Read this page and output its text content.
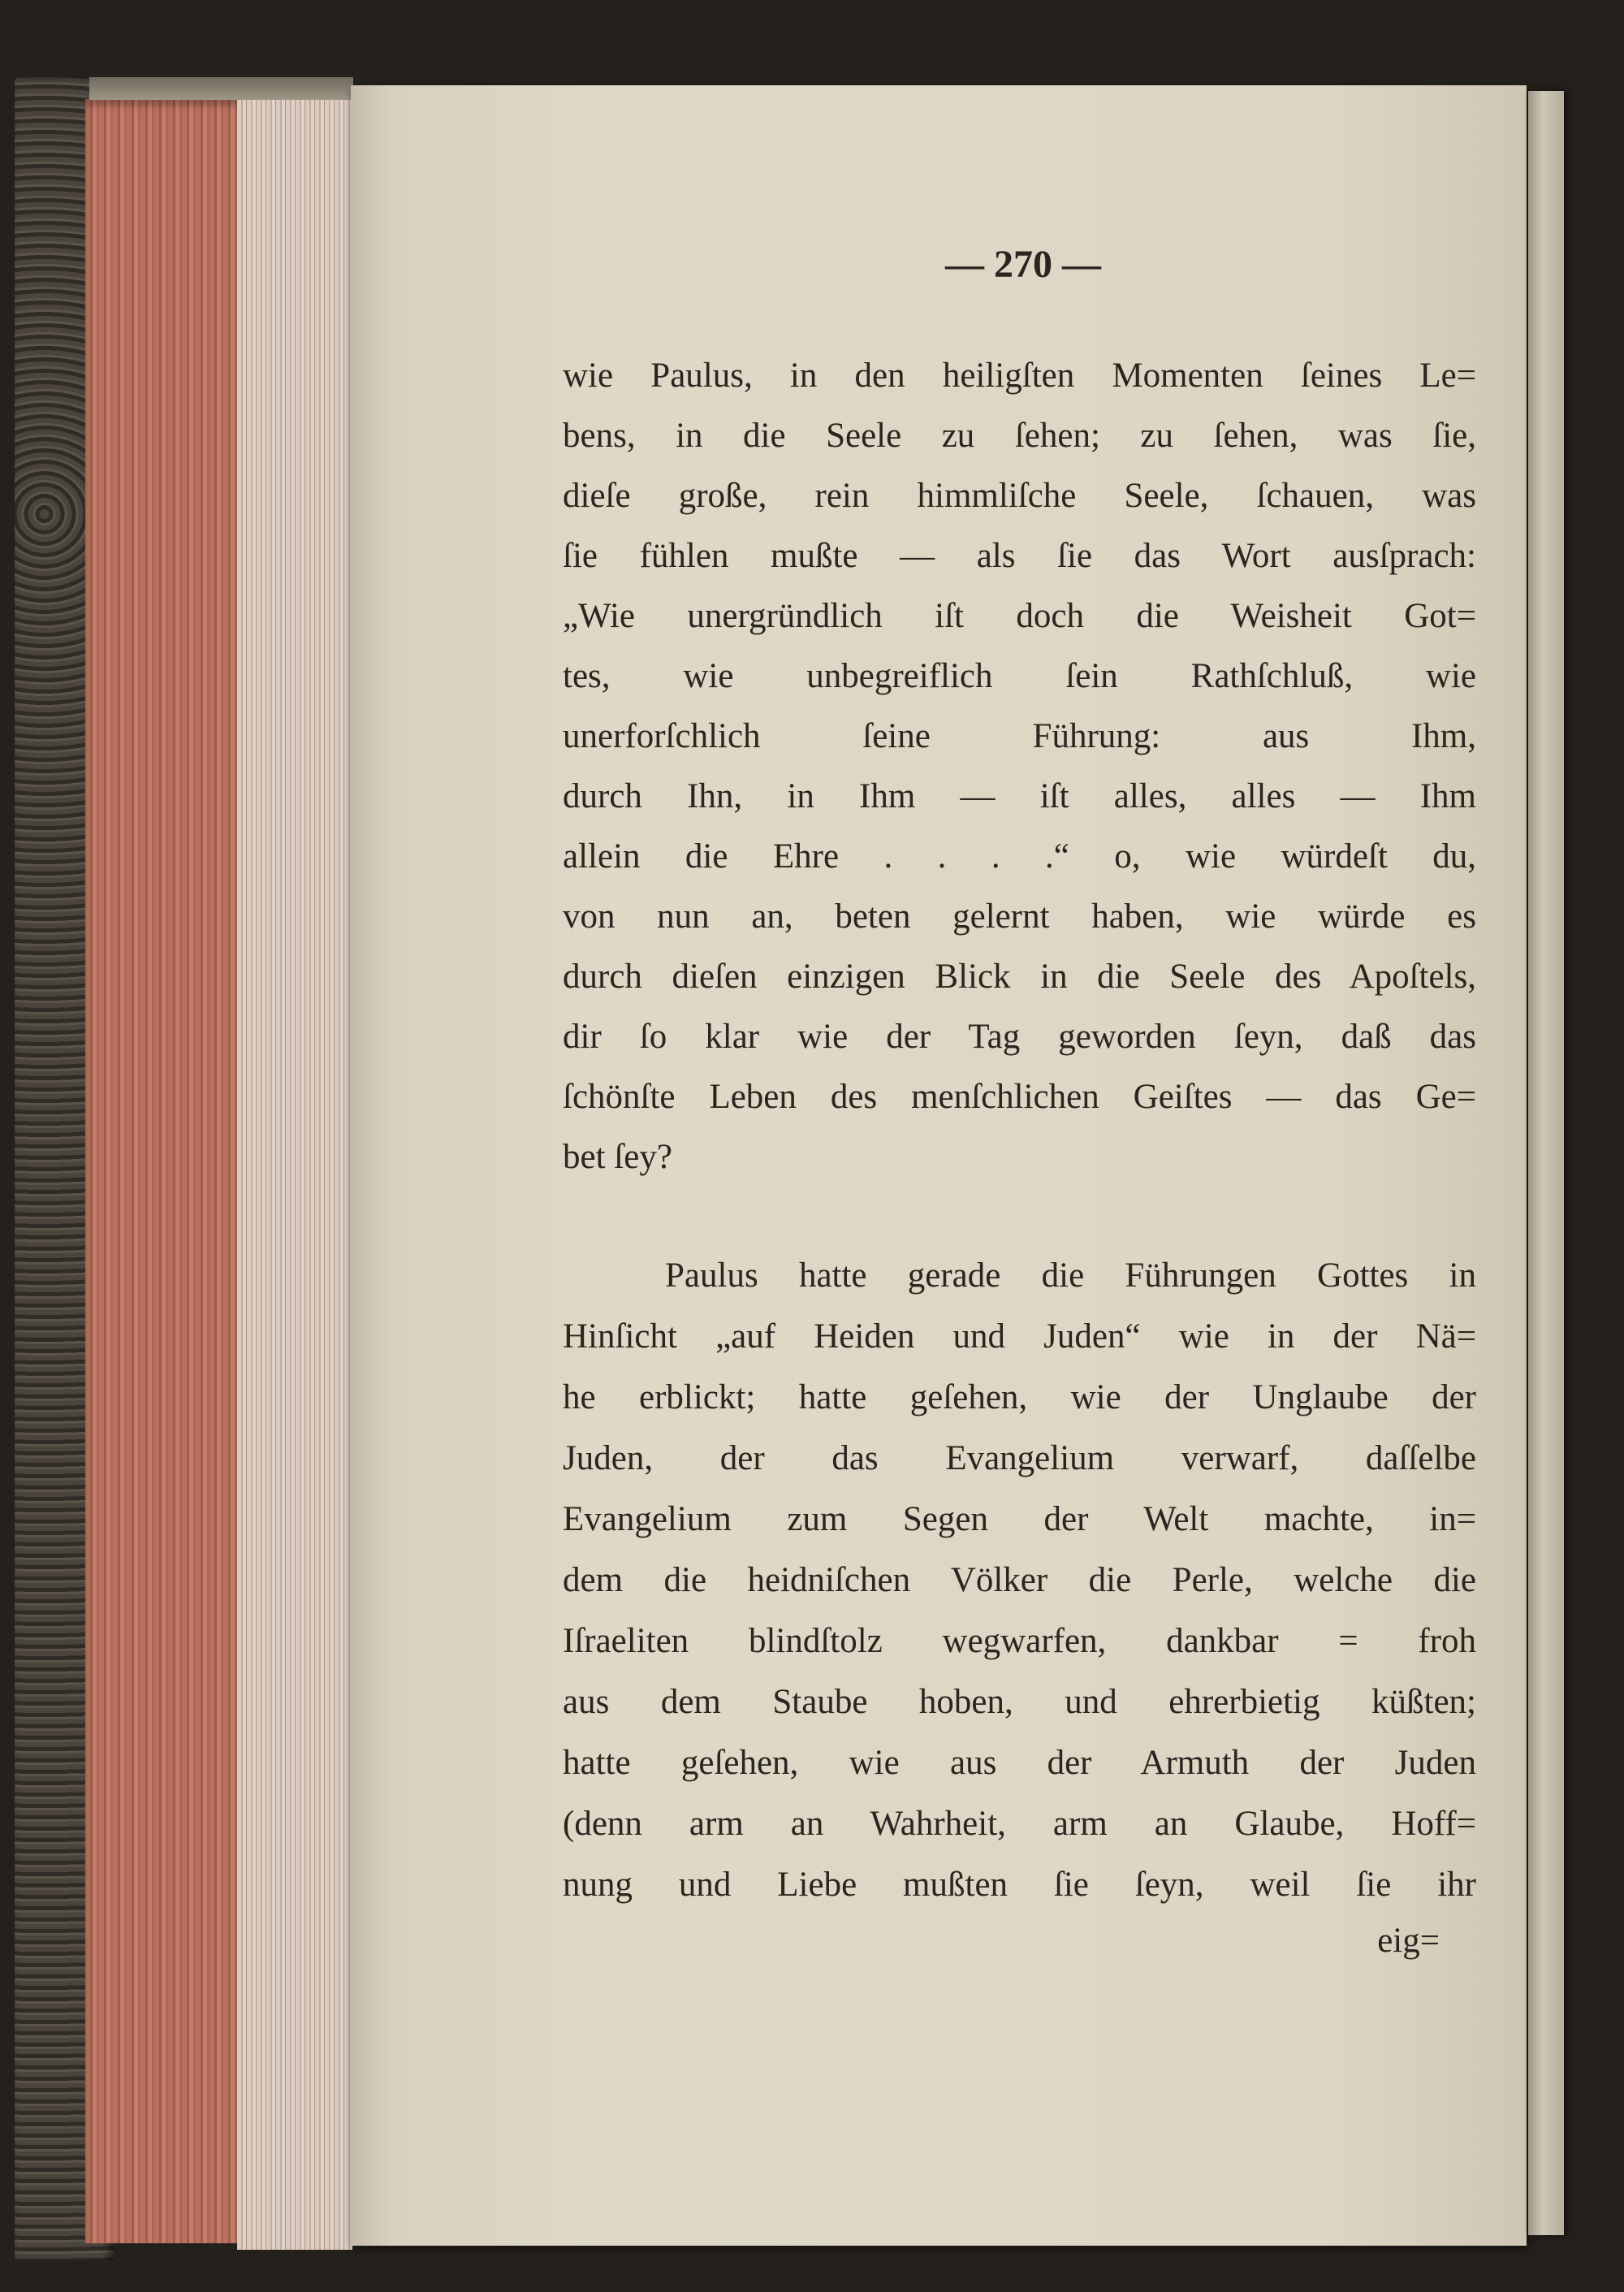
— 270 —
wie Paulus, in den heiligſten Momenten ſeines Le=
bens, in die Seele zu ſehen; zu ſehen, was ſie,
dieſe große, rein himmliſche Seele, ſchauen, was
ſie fühlen mußte — als ſie das Wort ausſprach:
„Wie unergründlich iſt doch die Weisheit Got=
tes, wie unbegreiflich ſein Rathſchluß, wie
unerforſchlich ſeine Führung: aus Ihm,
durch Ihn, in Ihm — iſt alles, alles — Ihm
allein die Ehre . . . .“ o, wie würdeſt du,
von nun an, beten gelernt haben, wie würde es
durch dieſen einzigen Blick in die Seele des Apoſtels,
dir ſo klar wie der Tag geworden ſeyn, daß das
ſchönſte Leben des menſchlichen Geiſtes — das Ge=
bet ſey?
Paulus hatte gerade die Führungen Gottes in
Hinſicht „auf Heiden und Juden“ wie in der Nä=
he erblickt; hatte geſehen, wie der Unglaube der
Juden, der das Evangelium verwarf, daſſelbe
Evangelium zum Segen der Welt machte, in=
dem die heidniſchen Völker die Perle, welche die
Iſraeliten blindſtolz wegwarfen, dankbar = froh
aus dem Staube hoben, und ehrerbietig küßten;
hatte geſehen, wie aus der Armuth der Juden
(denn arm an Wahrheit, arm an Glaube, Hoff=
nung und Liebe mußten ſie ſeyn, weil ſie ihr
eig=
